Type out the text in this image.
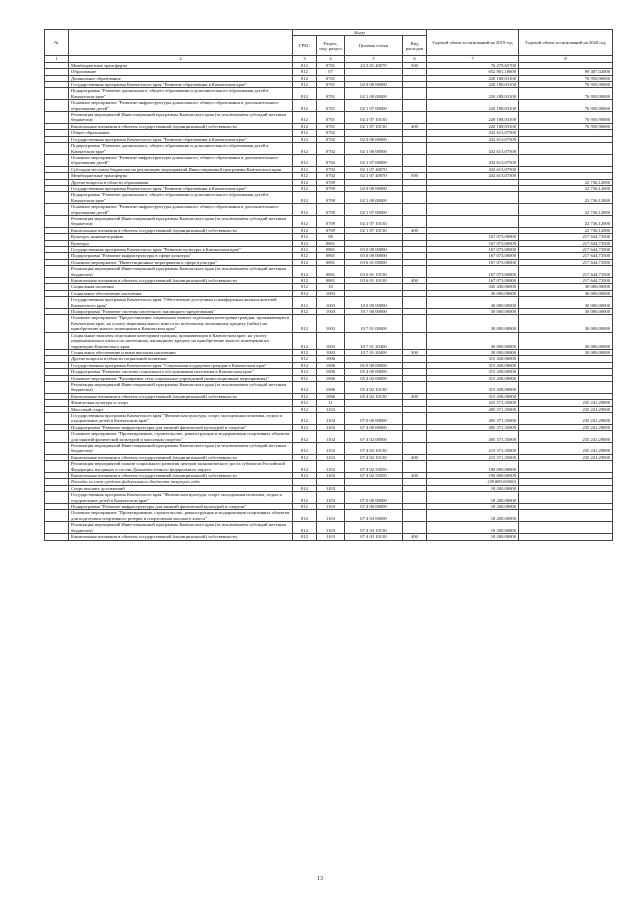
№		Коды				Годовой объем ассигнований на 2019 год	Годовой объем ассигнований на 2020 год
		ГРБС	Раздел, под- раздел	Целевая статья	Вид расходов		
1	2	3	4	5	6	7	8
	Межбюджетные трансферты	812	0701	22 3 01 40070	500	76 279,65700	
	Образование	812	07			652 801,10600	99 487,02000
	Дошкольное образование	812	0701			220 188,03100	76 950,90000
	Государственная программа Камчатского края "Развитие образования в Камчатском крае"	812	0701	02 0 00 00000		220 188,03100	76 950,90000
	Подпрограмма "Развитие дошкольного, общего образования и дополнительного образования детей в Камчатском крае"	812	0701	02 1 00 00000		220 188,03100	76 950,90000
	Основное мероприятие "Развитие инфраструктуры дошкольного, общего образования и дополнительного образования детей"	812	0701	02 1 07 00000		220 188,03100	76 950,90000
	Реализация мероприятий Инвестиционной программы Камчатского края (за исключением субсидий местным бюджетам)	812	0701	02 1 07 10130		220 188,03100	76 950,90000
	Капитальные вложения в объекты государственной (муниципальной) собственности	812	0701	02 1 07 10130	400	220 188,03100	76 950,90000
	Общее образование	812	0702			432 613,07500	
	Государственная программа Камчатского края "Развитие образования в Камчатском крае"	812	0702	02 0 00 00000		432 613,07500	
	Подпрограмма "Развитие дошкольного, общего образования и дополнительного образования детей в Камчатском крае"	812	0702	02 1 00 00000		432 613,07500	
	Основное мероприятие "Развитие инфраструктуры дошкольного, общего образования и дополнительного образования детей"	812	0702	02 1 07 00000		432 613,07500	
	Субсидии местным бюджетам на реализацию мероприятий Инвестиционной программы Камчатского края	812	0702	02 1 07 40070		432 613,07500	
	Межбюджетные трансферты	812	0702	02 1 07 40070	500	432 613,07500	
	Другие вопросы в области образования	812	0709				22 736,12000
	Государственная программа Камчатского края "Развитие образования в Камчатском крае"	812	0709	02 0 00 00000			22 736,12000
	Подпрограмма "Развитие дошкольного, общего образования и дополнительного образования детей в Камчатском крае"	812	0709	02 1 00 00000			22 736,12000
	Основное мероприятие "Развитие инфраструктуры дошкольного, общего образования и дополнительного образования детей"	812	0709	02 1 07 00000			22 736,12000
	Реализация мероприятий Инвестиционной программы Камчатского края (за исключением субсидий местным бюджетам)	812	0709	02 1 07 10130			22 736,12000
	Капитальные вложения в объекты государственной (муниципальной) собственности	812	0709	02 1 07 10130	400		22 736,12000
	Культура, кинематография	812	08			167 073,00000	217 644,73500
	Культура	812	0801			167 073,00000	217 644,73500
	Государственная программа Камчатского края "Развитие культуры в Камчатском крае"	812	0801	03 0 00 00000		167 073,00000	217 644,73500
	Подпрограмма "Развитие инфраструктуры в сфере культуры"	812	0801	03 6 00 00000		167 073,00000	217 644,73500
	Основное мероприятие "Инвестиционные мероприятия в сфере культуры"	812	0801	03 6 01 00000		167 073,00000	217 644,73500
	Реализация мероприятий Инвестиционной программы Камчатского края (за исключением субсидий местным бюджетам)	812	0801	03 6 01 10130		167 073,00000	217 644,73500
	Капитальные вложения в объекты государственной (муниципальной) собственности	812	0801	03 6 01 10130	400	167 073,00000	217 644,73500
	Социальная политика	812	10			345 438,00000	30 000,00000
	Социальное обеспечение населения	812	1003			30 000,00000	30 000,00000
	Государственная программа Камчатского края "Обеспечение доступным и комфортным жильем жителей Камчатского края"	812	1003	10 0 00 00000		30 000,00000	30 000,00000
	Подпрограмма "Развитие системы ипотечного жилищного кредитования"	812	1003	10 7 00 00000		30 000,00000	30 000,00000
	Основное мероприятие "Предоставление социальных выплат отдельным категориям граждан, проживающим в Камчатском крае, на уплату первоначального взноса по ипотечному жилищному кредиту (займу) на приобретение жилого помещения в Камчатском крае"	812	1003	10 7 01 00000		30 000,00000	30 000,00000
	Социальные выплаты отдельным категориям граждан, проживающим в Камчатском крае, на уплату первоначального взноса по ипотечному жилищному кредиту на приобретение жилого помещения на территории Камчатского края	812	1003	10 7 01 20400		30 000,00000	30 000,00000
	Социальное обеспечение и иные выплаты населению	812	1003	10 7 01 20400	300	30 000,00000	30 000,00000
	Другие вопросы в области социальной политики	812	1006			315 438,00000	
	Государственная программа Камчатского края "Социальная поддержка граждан в Камчатском крае"	812	1006	05 0 00 00000		315 438,00000	
	Подпрограмма "Развитие системы социального обслуживания населения в Камчатском крае"	812	1006	05 4 00 00000		315 438,00000	
	Основное мероприятие "Расширение сети социальных учреждений (инвестиционные мероприятия)"	812	1006	05 4 02 00000		315 438,00000	
	Реализация мероприятий Инвестиционной программы Камчатского края (за исключением субсидий местным бюджетам)	812	1006	05 4 02 10130		315 438,00000	
	Капитальные вложения в объекты государственной (муниципальной) собственности	812	1006	05 4 02 10130	400	315 438,00000	
	Физическая культура и спорт	812	11			423 571,35000	235 241,29000
	Массовый спорт	812	1102			405 371,35000	235 241,29000
	Государственная программа Камчатского края "Физическая культура, спорт, молодежная политика, отдых и оздоровление детей в Камчатском крае"	812	1102	07 0 00 00000		405 371,35000	235 241,29000
	Подпрограмма "Развитие инфраструктуры для занятий физической культурой и спортом"	812	1102	07 4 00 00000		405 371,35000	235 241,29000
	Основное мероприятие "Проектирование, строительство, реконструкция и модернизация спортивных объектов для занятий физической культурой и массовым спортом"	812	1102	07 4 02 00000		405 371,35000	235 241,29000
	Реализация мероприятий Инвестиционной программы Камчатского края (за исключением субсидий местным бюджетам)	812	1102	07 4 02 10130		215 371,35000	235 241,29000
	Капитальные вложения в объекты государственной (муниципальной) собственности	812	1102	07 4 02 10130	400	215 371,35000	235 241,29000
	Реализация мероприятий планов социального развития центров экономического роста субъектов Российской Федерации, входящих в состав Дальневосточного федерального округа	812	1102	07 4 02 55050		190 000,00000	
	Капитальные вложения в объекты государственной (муниципальной) собственности	812	1102	07 4 02 55050	400	190 000,00000	
	Расходы за счет средств федерального бюджета текущего года					(38 880,00000)	
	Спорт высших достижений	812	1103			18 200,00000	
	Государственная программа Камчатского края "Физическая культура, спорт, молодежная политика, отдых и оздоровление детей в Камчатском крае"	812	1103	07 0 00 00000		18 200,00000	
	Подпрограмма "Развитие инфраструктуры для занятий физической культурой и спортом"	812	1103	07 4 00 00000		18 200,00000	
	Основное мероприятие "Проектирование, строительство, реконструкция и модернизация спортивных объектов для подготовки спортивного резерва и спортсменов высокого класса"	812	1103	07 4 03 00000		18 200,00000	
	Реализация мероприятий Инвестиционной программы Камчатского края (за исключением субсидий местным бюджетам)	812	1103	07 4 03 10130		18 200,00000	
	Капитальные вложения в объекты государственной (муниципальной) собственности	812	1103	07 4 03 10130	400	18 200,00000	
13
